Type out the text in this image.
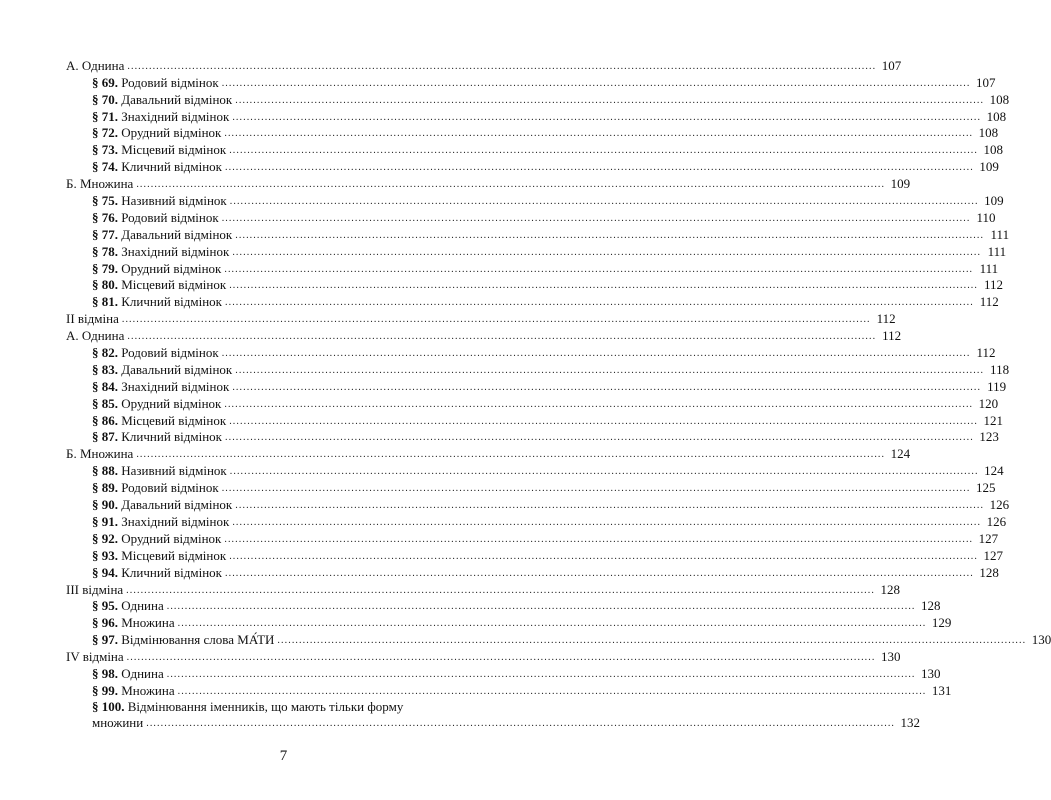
А. Однина ................................................................................................................................................................................................................ 107
§ 69. Родовий відмінок ................................................................................................................................................................................................................ 107
§ 70. Давальний відмінок ................................................................................................................................................................................................................ 108
§ 71. Знахідний відмінок ................................................................................................................................................................................................................ 108
§ 72. Орудний відмінок ................................................................................................................................................................................................................ 108
§ 73. Місцевий відмінок ................................................................................................................................................................................................................ 108
§ 74. Кличний відмінок ................................................................................................................................................................................................................ 109
Б. Множина ................................................................................................................................................................................................................ 109
§ 75. Називний відмінок ................................................................................................................................................................................................................ 109
§ 76. Родовий відмінок ................................................................................................................................................................................................................ 110
§ 77. Давальний відмінок ................................................................................................................................................................................................................ 111
§ 78. Знахідний відмінок ................................................................................................................................................................................................................ 111
§ 79. Орудний відмінок ................................................................................................................................................................................................................ 111
§ 80. Місцевий відмінок ................................................................................................................................................................................................................ 112
§ 81. Кличний відмінок ................................................................................................................................................................................................................ 112
ІІ відміна ................................................................................................................................................................................................................ 112
А. Однина ................................................................................................................................................................................................................ 112
§ 82. Родовий відмінок ................................................................................................................................................................................................................ 112
§ 83. Давальний відмінок ................................................................................................................................................................................................................ 118
§ 84. Знахідний відмінок ................................................................................................................................................................................................................ 119
§ 85. Орудний відмінок ................................................................................................................................................................................................................ 120
§ 86. Місцевий відмінок ................................................................................................................................................................................................................ 121
§ 87. Кличний відмінок ................................................................................................................................................................................................................ 123
Б. Множина ................................................................................................................................................................................................................ 124
§ 88. Називний відмінок ................................................................................................................................................................................................................ 124
§ 89. Родовий відмінок ................................................................................................................................................................................................................ 125
§ 90. Давальний відмінок ................................................................................................................................................................................................................ 126
§ 91. Знахідний відмінок ................................................................................................................................................................................................................ 126
§ 92. Орудний відмінок ................................................................................................................................................................................................................ 127
§ 93. Місцевий відмінок ................................................................................................................................................................................................................ 127
§ 94. Кличний відмінок ................................................................................................................................................................................................................ 128
ІІІ відміна ................................................................................................................................................................................................................ 128
§ 95. Однина ................................................................................................................................................................................................................ 128
§ 96. Множина ................................................................................................................................................................................................................ 129
§ 97. Відмінювання слова МА́ТИ ................................................................................................................................................................................................................ 130
IV відміна ................................................................................................................................................................................................................ 130
§ 98. Однина ................................................................................................................................................................................................................ 130
§ 99. Множина ................................................................................................................................................................................................................ 131
§ 100. Відмінювання іменників, що мають тільки форму
множини ................................................................................................................................................................................................................ 132
7
